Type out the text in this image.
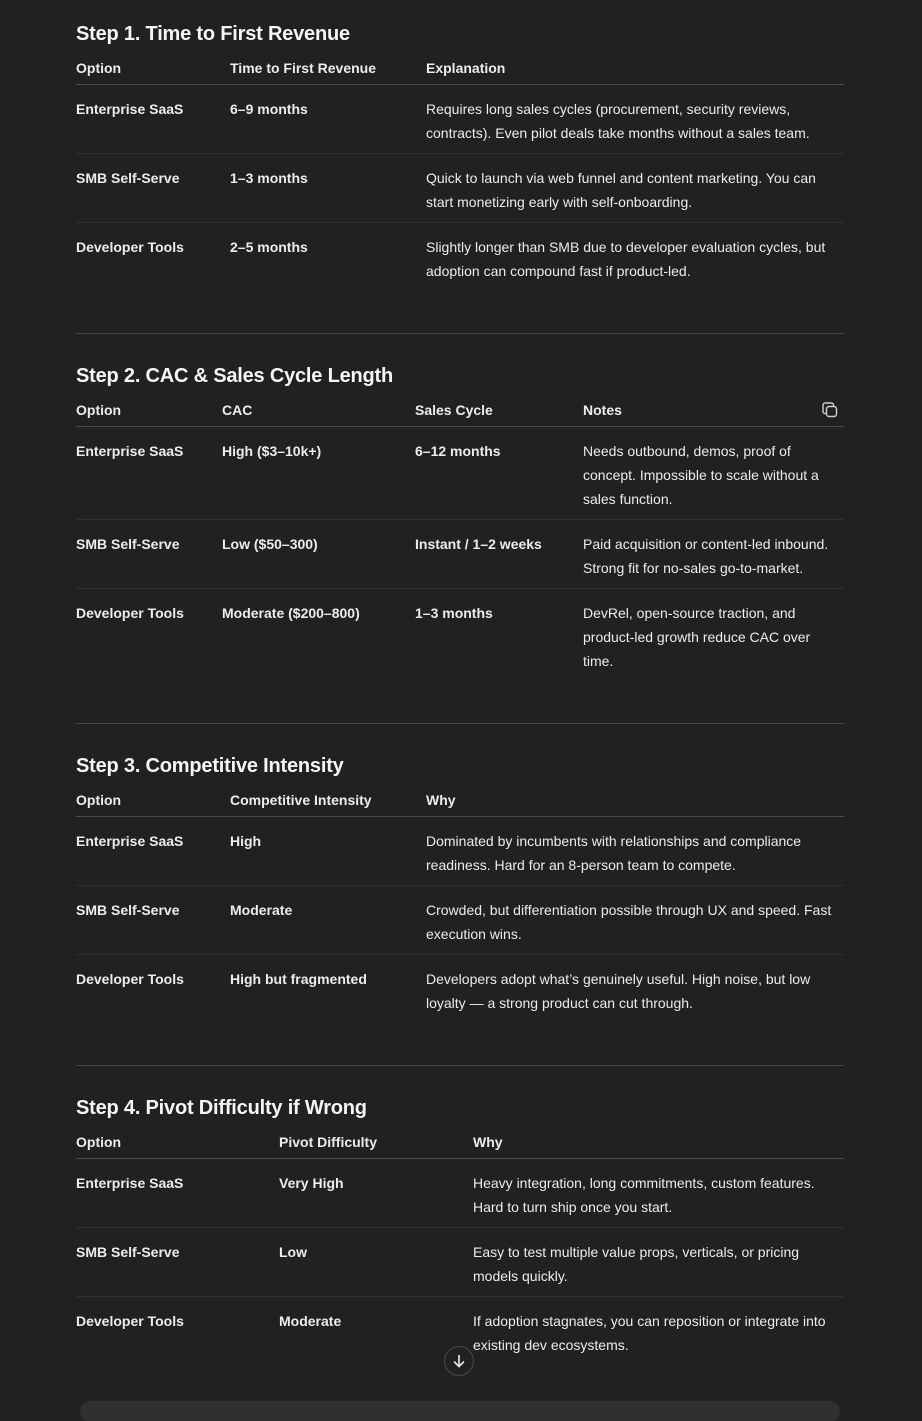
Step 1. Time to First Revenue
Option	Time to First Revenue	Explanation
Enterprise SaaS	6–9 months	Requires long sales cycles (procurement, security reviews, contracts). Even pilot deals take months without a sales team.
SMB Self-Serve	1–3 months	Quick to launch via web funnel and content marketing. You can start monetizing early with self-onboarding.
Developer Tools	2–5 months	Slightly longer than SMB due to developer evaluation cycles, but adoption can compound fast if product-led.
Step 2. CAC & Sales Cycle Length
Option	CAC	Sales Cycle	Notes
Enterprise SaaS	High ($3–10k+)	6–12 months	Needs outbound, demos, proof of concept. Impossible to scale without a sales function.
SMB Self-Serve	Low ($50–300)	Instant / 1–2 weeks	Paid acquisition or content-led inbound. Strong fit for no-sales go-to-market.
Developer Tools	Moderate ($200–800)	1–3 months	DevRel, open-source traction, and product-led growth reduce CAC over time.
Step 3. Competitive Intensity
Option	Competitive Intensity	Why
Enterprise SaaS	High	Dominated by incumbents with relationships and compliance readiness. Hard for an 8-person team to compete.
SMB Self-Serve	Moderate	Crowded, but differentiation possible through UX and speed. Fast execution wins.
Developer Tools	High but fragmented	Developers adopt what’s genuinely useful. High noise, but low loyalty — a strong product can cut through.
Step 4. Pivot Difficulty if Wrong
Option	Pivot Difficulty	Why
Enterprise SaaS	Very High	Heavy integration, long commitments, custom features. Hard to turn ship once you start.
SMB Self-Serve	Low	Easy to test multiple value props, verticals, or pricing models quickly.
Developer Tools	Moderate	If adoption stagnates, you can reposition or integrate into existing dev ecosystems.
